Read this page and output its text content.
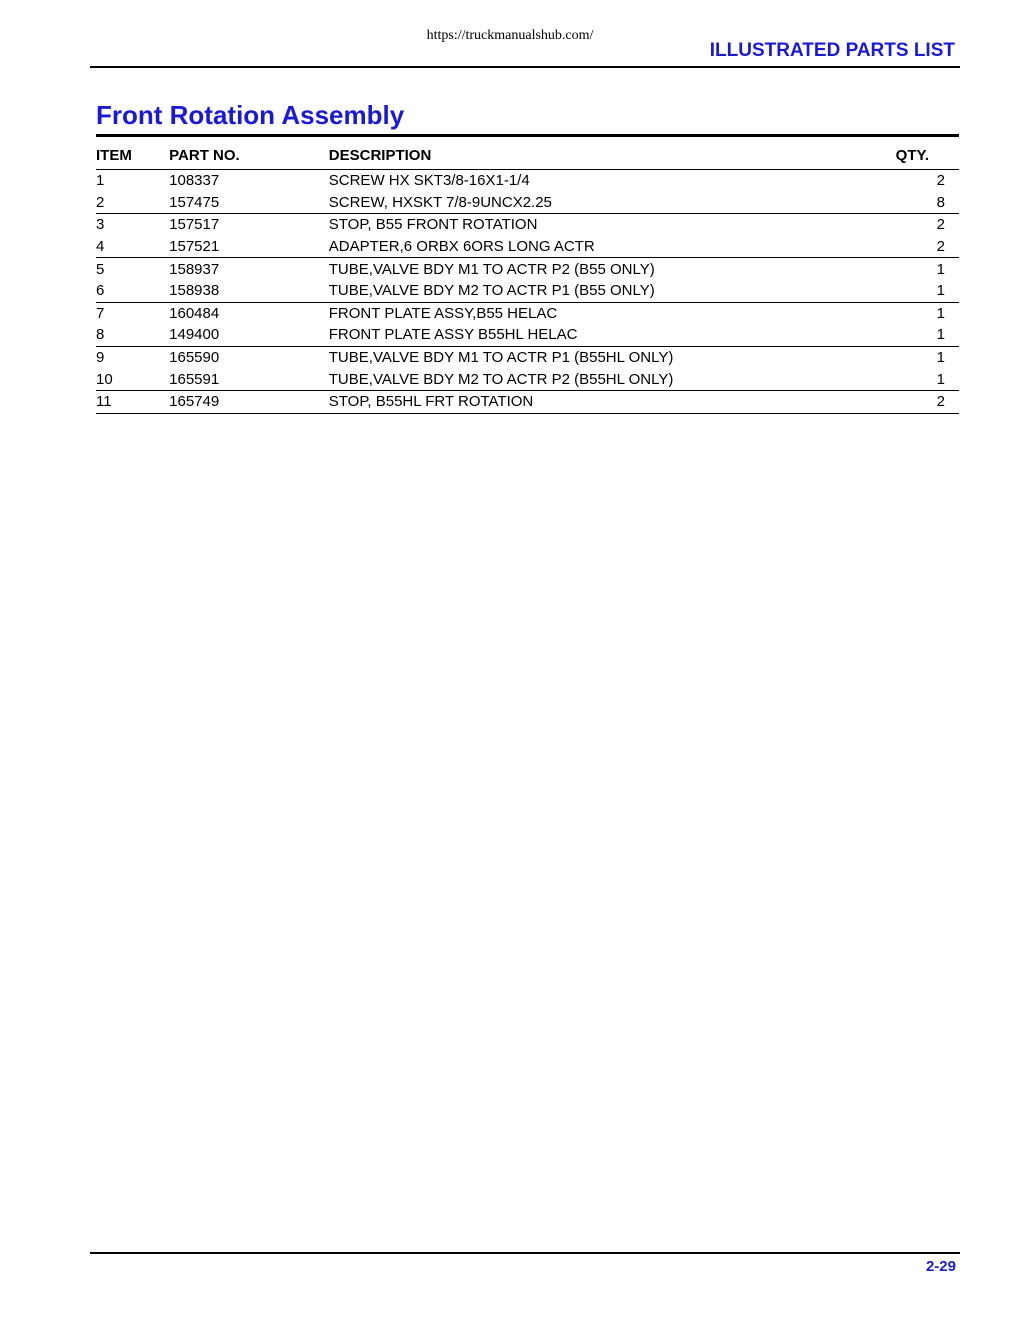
https://truckmanualshub.com/
ILLUSTRATED PARTS LIST
Front Rotation Assembly
ITEM	PART NO.	DESCRIPTION	QTY.
1	108337	SCREW HX SKT3/8-16X1-1/4	2
2	157475	SCREW, HXSKT 7/8-9UNCX2.25	8
3	157517	STOP, B55 FRONT ROTATION	2
4	157521	ADAPTER,6 ORBX 6ORS LONG ACTR	2
5	158937	TUBE,VALVE BDY M1 TO ACTR P2 (B55 ONLY)	1
6	158938	TUBE,VALVE BDY M2 TO ACTR P1 (B55 ONLY)	1
7	160484	FRONT PLATE ASSY,B55 HELAC	1
8	149400	FRONT PLATE ASSY B55HL HELAC	1
9	165590	TUBE,VALVE BDY M1 TO ACTR P1 (B55HL ONLY)	1
10	165591	TUBE,VALVE BDY M2 TO ACTR P2 (B55HL ONLY)	1
11	165749	STOP, B55HL FRT ROTATION	2
2-29
